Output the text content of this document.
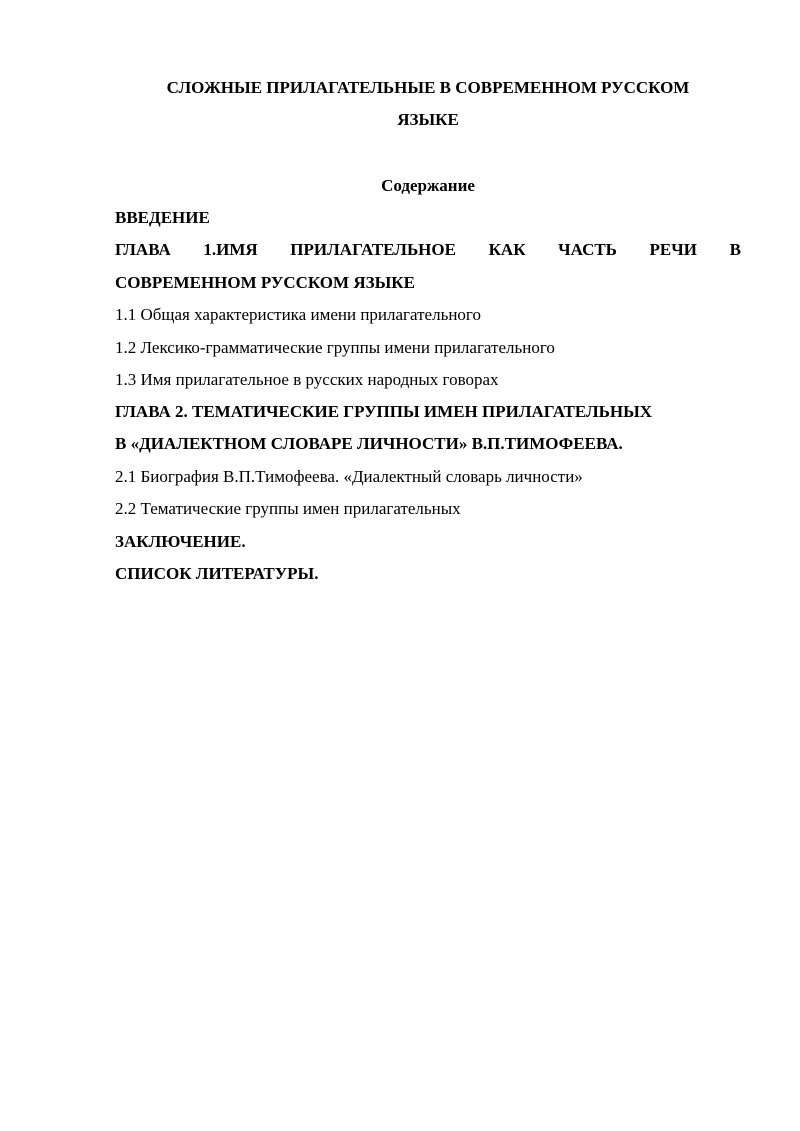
СЛОЖНЫЕ ПРИЛАГАТЕЛЬНЫЕ В СОВРЕМЕННОМ РУССКОМ
ЯЗЫКЕ
Содержание
ВВЕДЕНИЕ
ГЛАВА 1.ИМЯ ПРИЛАГАТЕЛЬНОЕ КАК ЧАСТЬ РЕЧИ В
СОВРЕМЕННОМ РУССКОМ ЯЗЫКЕ
1.1 Общая характеристика имени прилагательного
1.2 Лексико-грамматические группы имени прилагательного
1.3 Имя прилагательное в русских народных говорах
ГЛАВА 2. ТЕМАТИЧЕСКИЕ ГРУППЫ ИМЕН ПРИЛАГАТЕЛЬНЫХ
В «ДИАЛЕКТНОМ СЛОВАРЕ ЛИЧНОСТИ» В.П.ТИМОФЕЕВА.
2.1 Биография В.П.Тимофеева. «Диалектный словарь личности»
2.2 Тематические группы имен прилагательных
ЗАКЛЮЧЕНИЕ.
СПИСОК ЛИТЕРАТУРЫ.
